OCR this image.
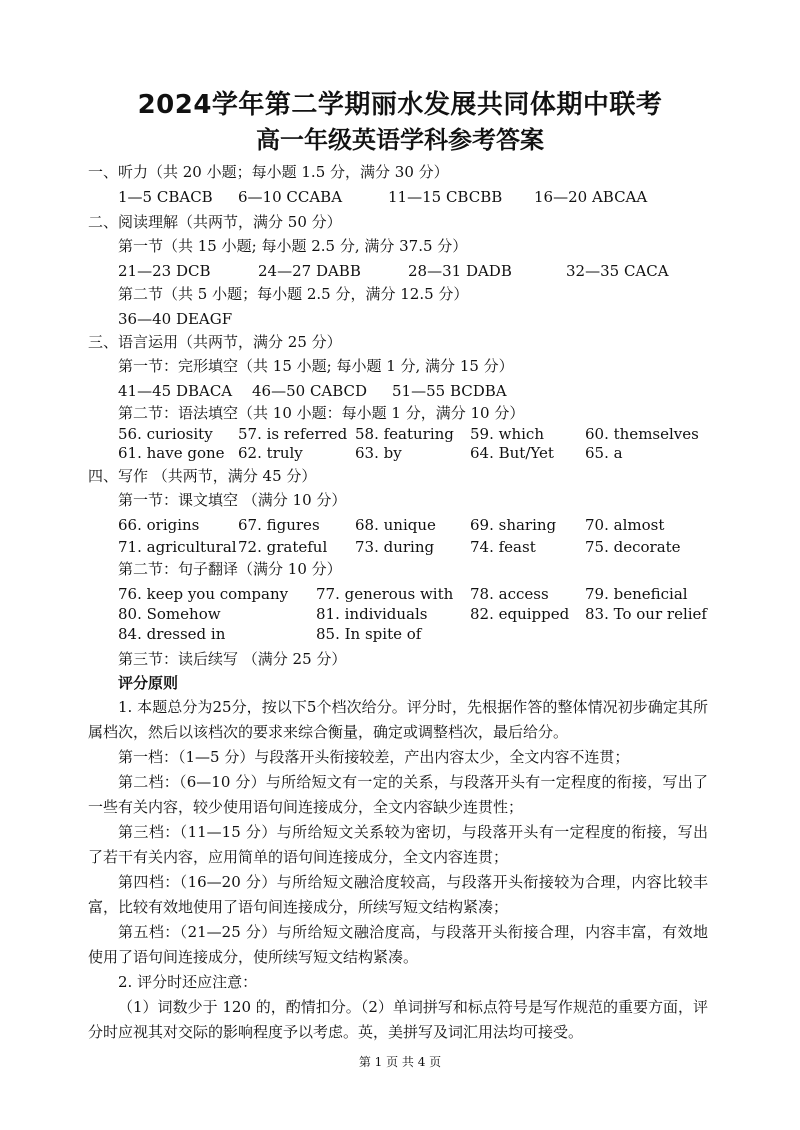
2024学年第二学期丽水发展共同体期中联考
高一年级英语学科参考答案
一、听力（共 20 小题；每小题 1.5 分，满分 30 分）
1—5 CBACB 6—10 CCABA	11—15 CBCBB 16—20 ABCAA
二、阅读理解（共两节，满分 50 分）
第一节（共 15 小题; 每小题 2.5 分, 满分 37.5 分）
21—23 DCB	24—27 DABB	28—31 DADB	32—35 CACA
第二节（共 5 小题；每小题 2.5 分，满分 12.5 分）
36—40 DEAGF
三、语言运用（共两节，满分 25 分）
第一节：完形填空（共 15 小题; 每小题 1 分, 满分 15 分）
41—45 DBACA 46—50 CABCD 51—55 BCDBA
第二节：语法填空（共 10 小题：每小题 1 分，满分 10 分）
56. curiosity 57. is referred 58. featuring 59. which	60. themselves
61. have gone 62. truly	63. by	64. But/Yet 65. a
四、写作 （共两节，满分 45 分）
第一节：课文填空 （满分 10 分）
66. origins	67. figures 68. unique 69. sharing 70. almost
71. agricultural 72. grateful 73. during 74. feast	75. decorate
第二节：句子翻译（满分 10 分）
76. keep you company 77. generous with 78. access 79. beneficial
80. Somehow	81. individuals	82. equipped 83. To our relief
84. dressed in	85. In spite of
第三节：读后续写 （满分 25 分）
评分原则
1. 本题总分为25分，按以下5个档次给分。评分时，先根据作答的整体情况初步确定其所属档次，然后以该档次的要求来综合衡量，确定或调整档次，最后给分。
第一档：（1—5 分）与段落开头衔接较差，产出内容太少，全文内容不连贯；
第二档：（6—10 分）与所给短文有一定的关系，与段落开头有一定程度的衔接，写出了一些有关内容，较少使用语句间连接成分，全文内容缺少连贯性；
第三档：（11—15 分）与所给短文关系较为密切，与段落开头有一定程度的衔接，写出了若干有关内容，应用简单的语句间连接成分，全文内容连贯；
第四档：（16—20 分）与所给短文融洽度较高，与段落开头衔接较为合理，内容比较丰富，比较有效地使用了语句间连接成分，所续写短文结构紧凑；
第五档：（21—25 分）与所给短文融洽度高，与段落开头衔接合理，内容丰富，有效地使用了语句间连接成分，使所续写短文结构紧凑。
2. 评分时还应注意：
（1）词数少于 120 的，酌情扣分。（2）单词拼写和标点符号是写作规范的重要方面，评分时应视其对交际的影响程度予以考虑。英，美拼写及词汇用法均可接受。
第 1 页 共 4 页
